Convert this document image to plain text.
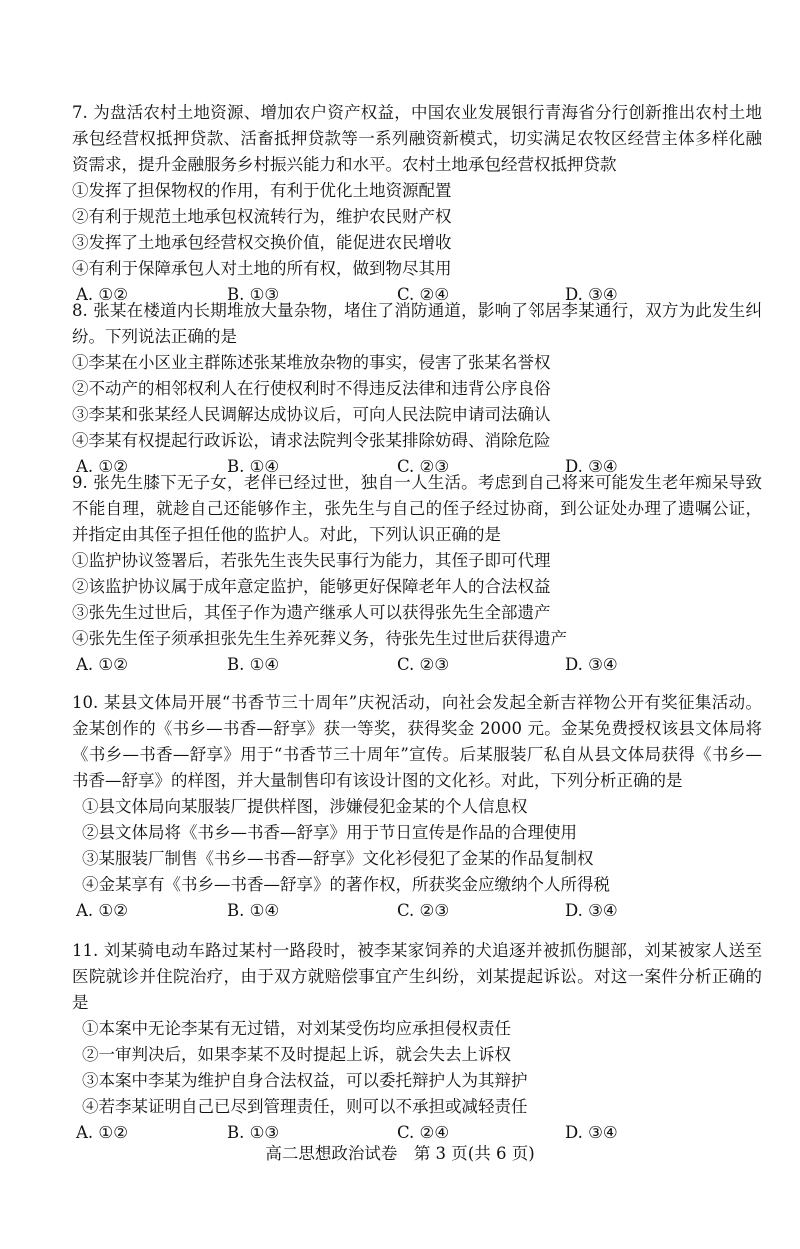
7. 为盘活农村土地资源、增加农户资产权益，中国农业发展银行青海省分行创新推出农村土地承包经营权抵押贷款、活畜抵押贷款等一系列融资新模式，切实满足农牧区经营主体多样化融资需求，提升金融服务乡村振兴能力和水平。农村土地承包经营权抵押贷款

①发挥了担保物权的作用，有利于优化土地资源配置

②有利于规范土地承包权流转行为，维护农民财产权

③发挥了土地承包经营权交换价值，能促进农民增收

④有利于保障承包人对土地的所有权，做到物尽其用

A. ①②	B. ①③	C. ②④	D. ③④

8. 张某在楼道内长期堆放大量杂物，堵住了消防通道，影响了邻居李某通行，双方为此发生纠纷。下列说法正确的是

①李某在小区业主群陈述张某堆放杂物的事实，侵害了张某名誉权

②不动产的相邻权利人在行使权利时不得违反法律和违背公序良俗

③李某和张某经人民调解达成协议后，可向人民法院申请司法确认

④李某有权提起行政诉讼，请求法院判令张某排除妨碍、消除危险

A. ①②	B. ①④	C. ②③	D. ③④

9. 张先生膝下无子女，老伴已经过世，独自一人生活。考虑到自己将来可能发生老年痴呆导致不能自理，就趁自己还能够作主，张先生与自己的侄子经过协商，到公证处办理了遗嘱公证，并指定由其侄子担任他的监护人。对此，下列认识正确的是

①监护协议签署后，若张先生丧失民事行为能力，其侄子即可代理

②该监护协议属于成年意定监护，能够更好保障老年人的合法权益

③张先生过世后，其侄子作为遗产继承人可以获得张先生全部遗产

④张先生侄子须承担张先生生养死葬义务，待张先生过世后获得遗产

A. ①②	B. ①④	C. ②③	D. ③④

10. 某县文体局开展“书香节三十周年”庆祝活动，向社会发起全新吉祥物公开有奖征集活动。金某创作的《书乡—书香—舒享》获一等奖，获得奖金 2000 元。金某免费授权该县文体局将《书乡—书香—舒享》用于“书香节三十周年”宣传。后某服装厂私自从县文体局获得《书乡—书香—舒享》的样图，并大量制售印有该设计图的文化衫。对此，下列分析正确的是

①县文体局向某服装厂提供样图，涉嫌侵犯金某的个人信息权

②县文体局将《书乡—书香—舒享》用于节日宣传是作品的合理使用

③某服装厂制售《书乡—书香—舒享》文化衫侵犯了金某的作品复制权

④金某享有《书乡—书香—舒享》的著作权，所获奖金应缴纳个人所得税

A. ①②	B. ①④	C. ②③	D. ③④

11. 刘某骑电动车路过某村一路段时，被李某家饲养的犬追逐并被抓伤腿部，刘某被家人送至医院就诊并住院治疗，由于双方就赔偿事宜产生纠纷，刘某提起诉讼。对这一案件分析正确的是

①本案中无论李某有无过错，对刘某受伤均应承担侵权责任

②一审判决后，如果李某不及时提起上诉，就会失去上诉权

③本案中李某为维护自身合法权益，可以委托辩护人为其辩护

④若李某证明自己已尽到管理责任，则可以不承担或减轻责任

A. ①②	B. ①③	C. ②④	D. ③④
高二思想政治试卷　第 3 页(共 6 页)
